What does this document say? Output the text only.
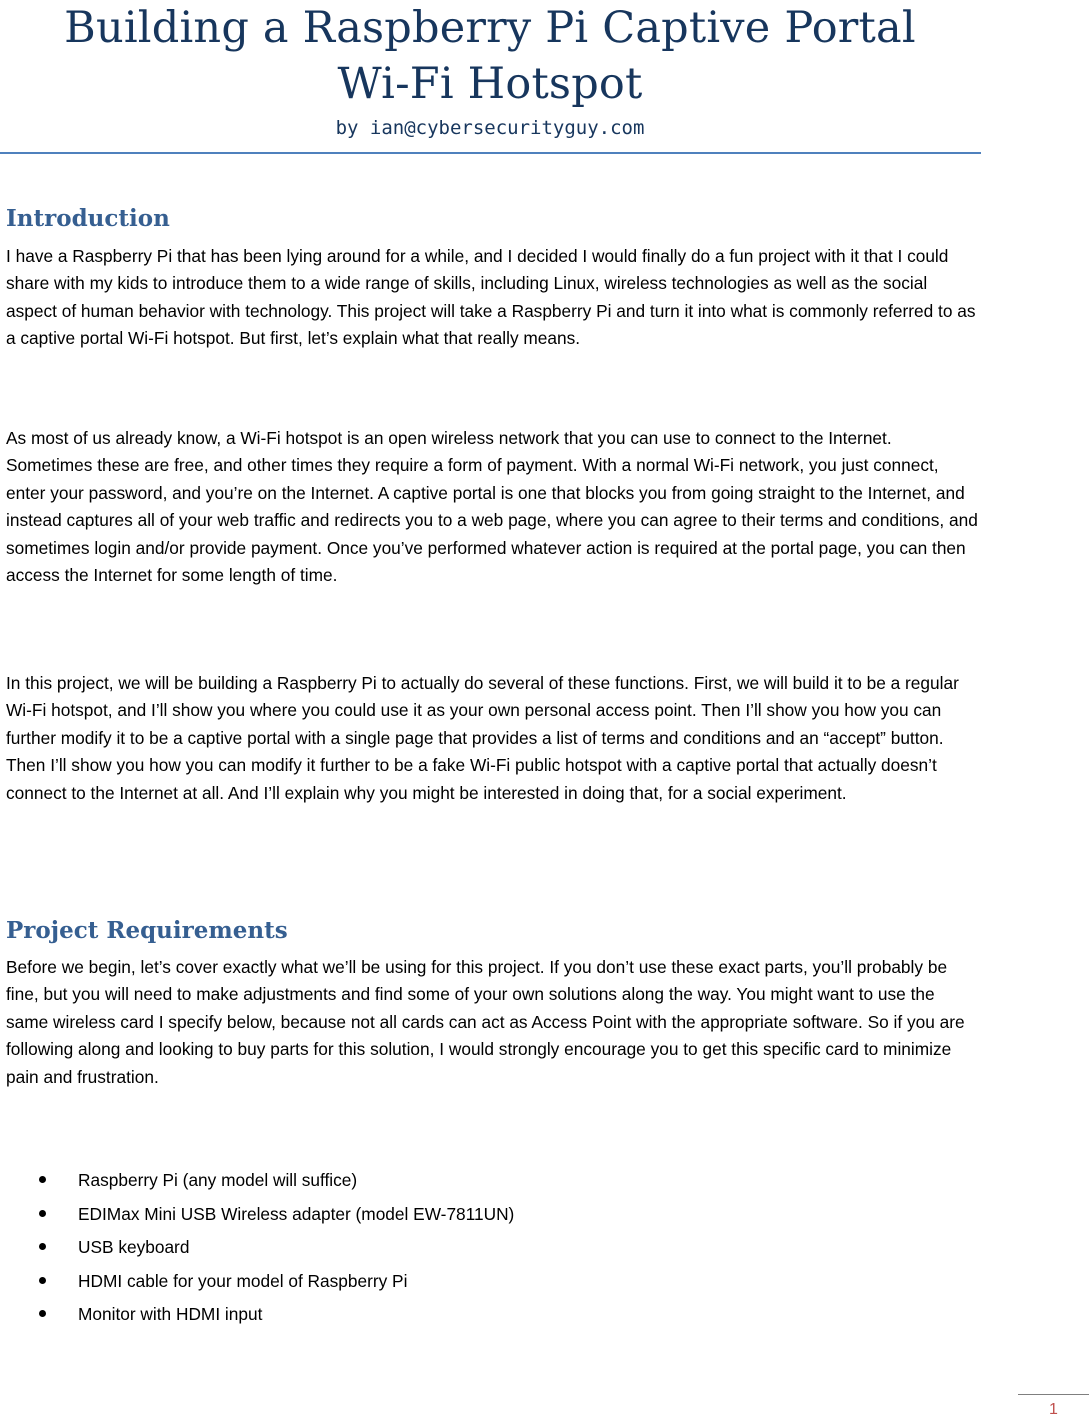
Building a Raspberry Pi Captive Portal
Wi-Fi Hotspot

by ian@cybersecurityguy.com

Introduction

I have a Raspberry Pi that has been lying around for a while, and I decided I would finally do a fun project with it that I could share with my kids to introduce them to a wide range of skills, including Linux, wireless technologies as well as the social aspect of human behavior with technology. This project will take a Raspberry Pi and turn it into what is commonly referred to as a captive portal Wi-Fi hotspot. But first, let’s explain what that really means.

As most of us already know, a Wi-Fi hotspot is an open wireless network that you can use to connect to the Internet. Sometimes these are free, and other times they require a form of payment. With a normal Wi-Fi network, you just connect, enter your password, and you’re on the Internet. A captive portal is one that blocks you from going straight to the Internet, and instead captures all of your web traffic and redirects you to a web page, where you can agree to their terms and conditions, and sometimes login and/or provide payment. Once you’ve performed whatever action is required at the portal page, you can then access the Internet for some length of time.

In this project, we will be building a Raspberry Pi to actually do several of these functions. First, we will build it to be a regular Wi-Fi hotspot, and I’ll show you where you could use it as your own personal access point. Then I’ll show you how you can further modify it to be a captive portal with a single page that provides a list of terms and conditions and an “accept” button. Then I’ll show you how you can modify it further to be a fake Wi-Fi public hotspot with a captive portal that actually doesn’t connect to the Internet at all. And I’ll explain why you might be interested in doing that, for a social experiment.

Project Requirements

Before we begin, let’s cover exactly what we’ll be using for this project. If you don’t use these exact parts, you’ll probably be fine, but you will need to make adjustments and find some of your own solutions along the way. You might want to use the same wireless card I specify below, because not all cards can act as Access Point with the appropriate software. So if you are following along and looking to buy parts for this solution, I would strongly encourage you to get this specific card to minimize pain and frustration.

Raspberry Pi (any model will suffice)
EDIMax Mini USB Wireless adapter (model EW-7811UN)
USB keyboard
HDMI cable for your model of Raspberry Pi
Monitor with HDMI input
1
